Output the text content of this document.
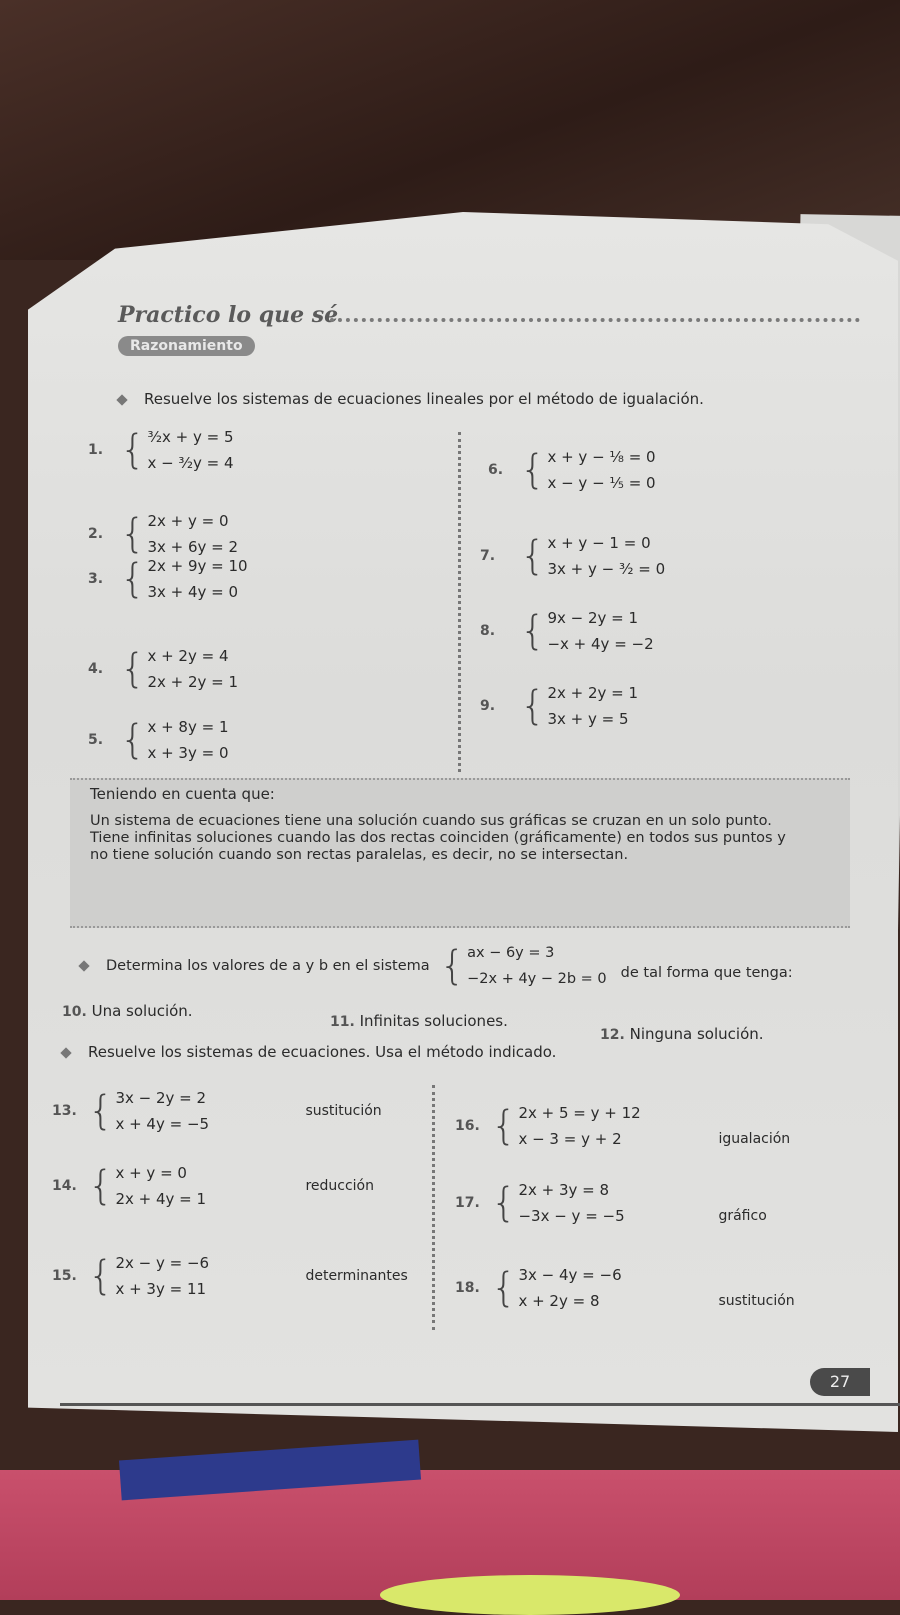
Practico lo que sé
Razonamiento
Resuelve los sistemas de ecuaciones lineales por el método de igualación.
1. { ³⁄₂x + y = 5
x − ³⁄₂y = 4
2. { 2x + y = 0
3x + 6y = 2
3. { 2x + 9y = 10
3x + 4y = 0
4. { x + 2y = 4
2x + 2y = 1
5. { x + 8y = 1
x + 3y = 0
6. { x + y − ¹⁄₈ = 0
x − y − ¹⁄₅ = 0
7. { x + y − 1 = 0
3x + y − ³⁄₂ = 0
8. { 9x − 2y = 1
−x + 4y = −2
9. { 2x + 2y = 1
3x + y = 5

Teniendo en cuenta que:

Un sistema de ecuaciones tiene una solución cuando sus gráficas se cruzan en un solo punto.

Tiene infinitas soluciones cuando las dos rectas coinciden (gráficamente) en todos sus puntos y

no tiene solución cuando son rectas paralelas, es decir, no se intersectan.

Determina los valores de a y b en el sistema { ax − 6y = 3
−2x + 4y − 2b = 0 de tal forma que tenga:
10. Una solución.
11. Infinitas soluciones.
12. Ninguna solución.
Resuelve los sistemas de ecuaciones. Usa el método indicado.
13. { 3x − 2y = 2
x + 4y = −5
sustitución
14. { x + y = 0
2x + 4y = 1
reducción
15. { 2x − y = −6
x + 3y = 11
determinantes
16. { 2x + 5 = y + 12
x − 3 = y + 2	igualación
17. { 2x + 3y = 8
−3x − y = −5	gráfico
18. { 3x − 4y = −6
x + 2y = 8	sustitución
27
